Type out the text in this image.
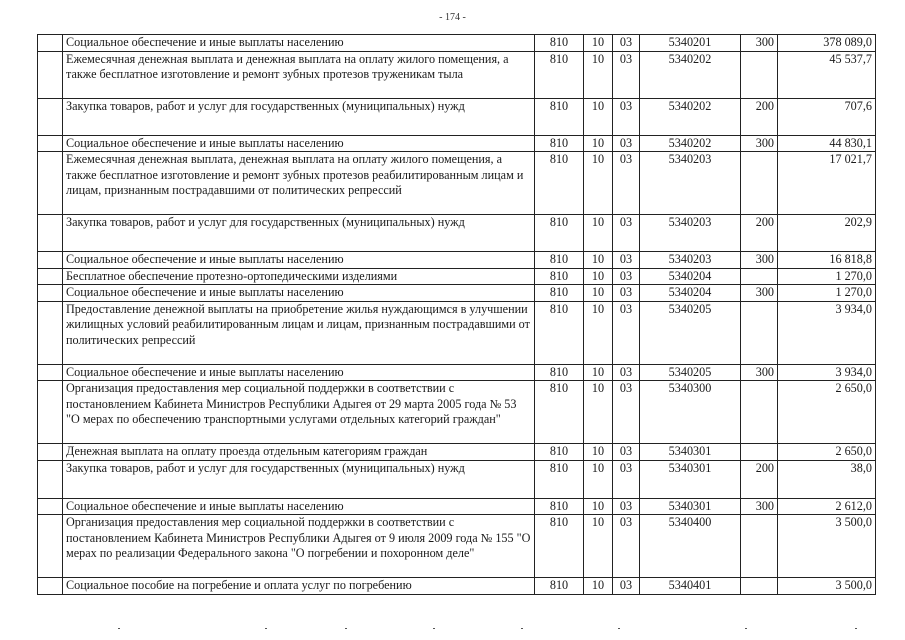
- 174 -
	Социальное обеспечение и иные выплаты населению	810	10	03	5340201	300	378 089,0
	Ежемесячная денежная выплата и денежная выплата на оплату жилого помещения, а также бесплатное изготовление и ремонт зубных протезов труженикам тыла	810	10	03	5340202		45 537,7
	Закупка товаров, работ и услуг для государственных (муниципальных) нужд	810	10	03	5340202	200	707,6
	Социальное обеспечение и иные выплаты населению	810	10	03	5340202	300	44 830,1
	Ежемесячная денежная выплата, денежная выплата на оплату жилого помещения, а также бесплатное изготовление и ремонт зубных протезов реабилитированным лицам и лицам, признанным пострадавшими от политических репрессий	810	10	03	5340203		17 021,7
	Закупка товаров, работ и услуг для государственных (муниципальных) нужд	810	10	03	5340203	200	202,9
	Социальное обеспечение и иные выплаты населению	810	10	03	5340203	300	16 818,8
	Бесплатное обеспечение протезно-ортопедическими изделиями	810	10	03	5340204		1 270,0
	Социальное обеспечение и иные выплаты населению	810	10	03	5340204	300	1 270,0
	Предоставление денежной выплаты на приобретение жилья нуждающимся в улучшении жилищных условий реабилитированным лицам и лицам, признанным пострадавшими от политических репрессий	810	10	03	5340205		3 934,0
	Социальное обеспечение и иные выплаты населению	810	10	03	5340205	300	3 934,0
	Организация предоставления мер социальной поддержки в соответствии с постановлением Кабинета Министров Республики Адыгея от 29 марта 2005 года № 53 "О мерах по обеспечению транспортными услугами отдельных категорий граждан"	810	10	03	5340300		2 650,0
	Денежная выплата на оплату проезда отдельным категориям граждан	810	10	03	5340301		2 650,0
	Закупка товаров, работ и услуг для государственных (муниципальных) нужд	810	10	03	5340301	200	38,0
	Социальное обеспечение и иные выплаты населению	810	10	03	5340301	300	2 612,0
	Организация предоставления мер социальной поддержки в соответствии с постановлением Кабинета Министров Республики Адыгея от 9 июля 2009 года № 155 "О мерах по реализации Федерального закона "О погребении и похоронном деле"	810	10	03	5340400		3 500,0
	Социальное пособие на погребение и оплата услуг по погребению	810	10	03	5340401		3 500,0
